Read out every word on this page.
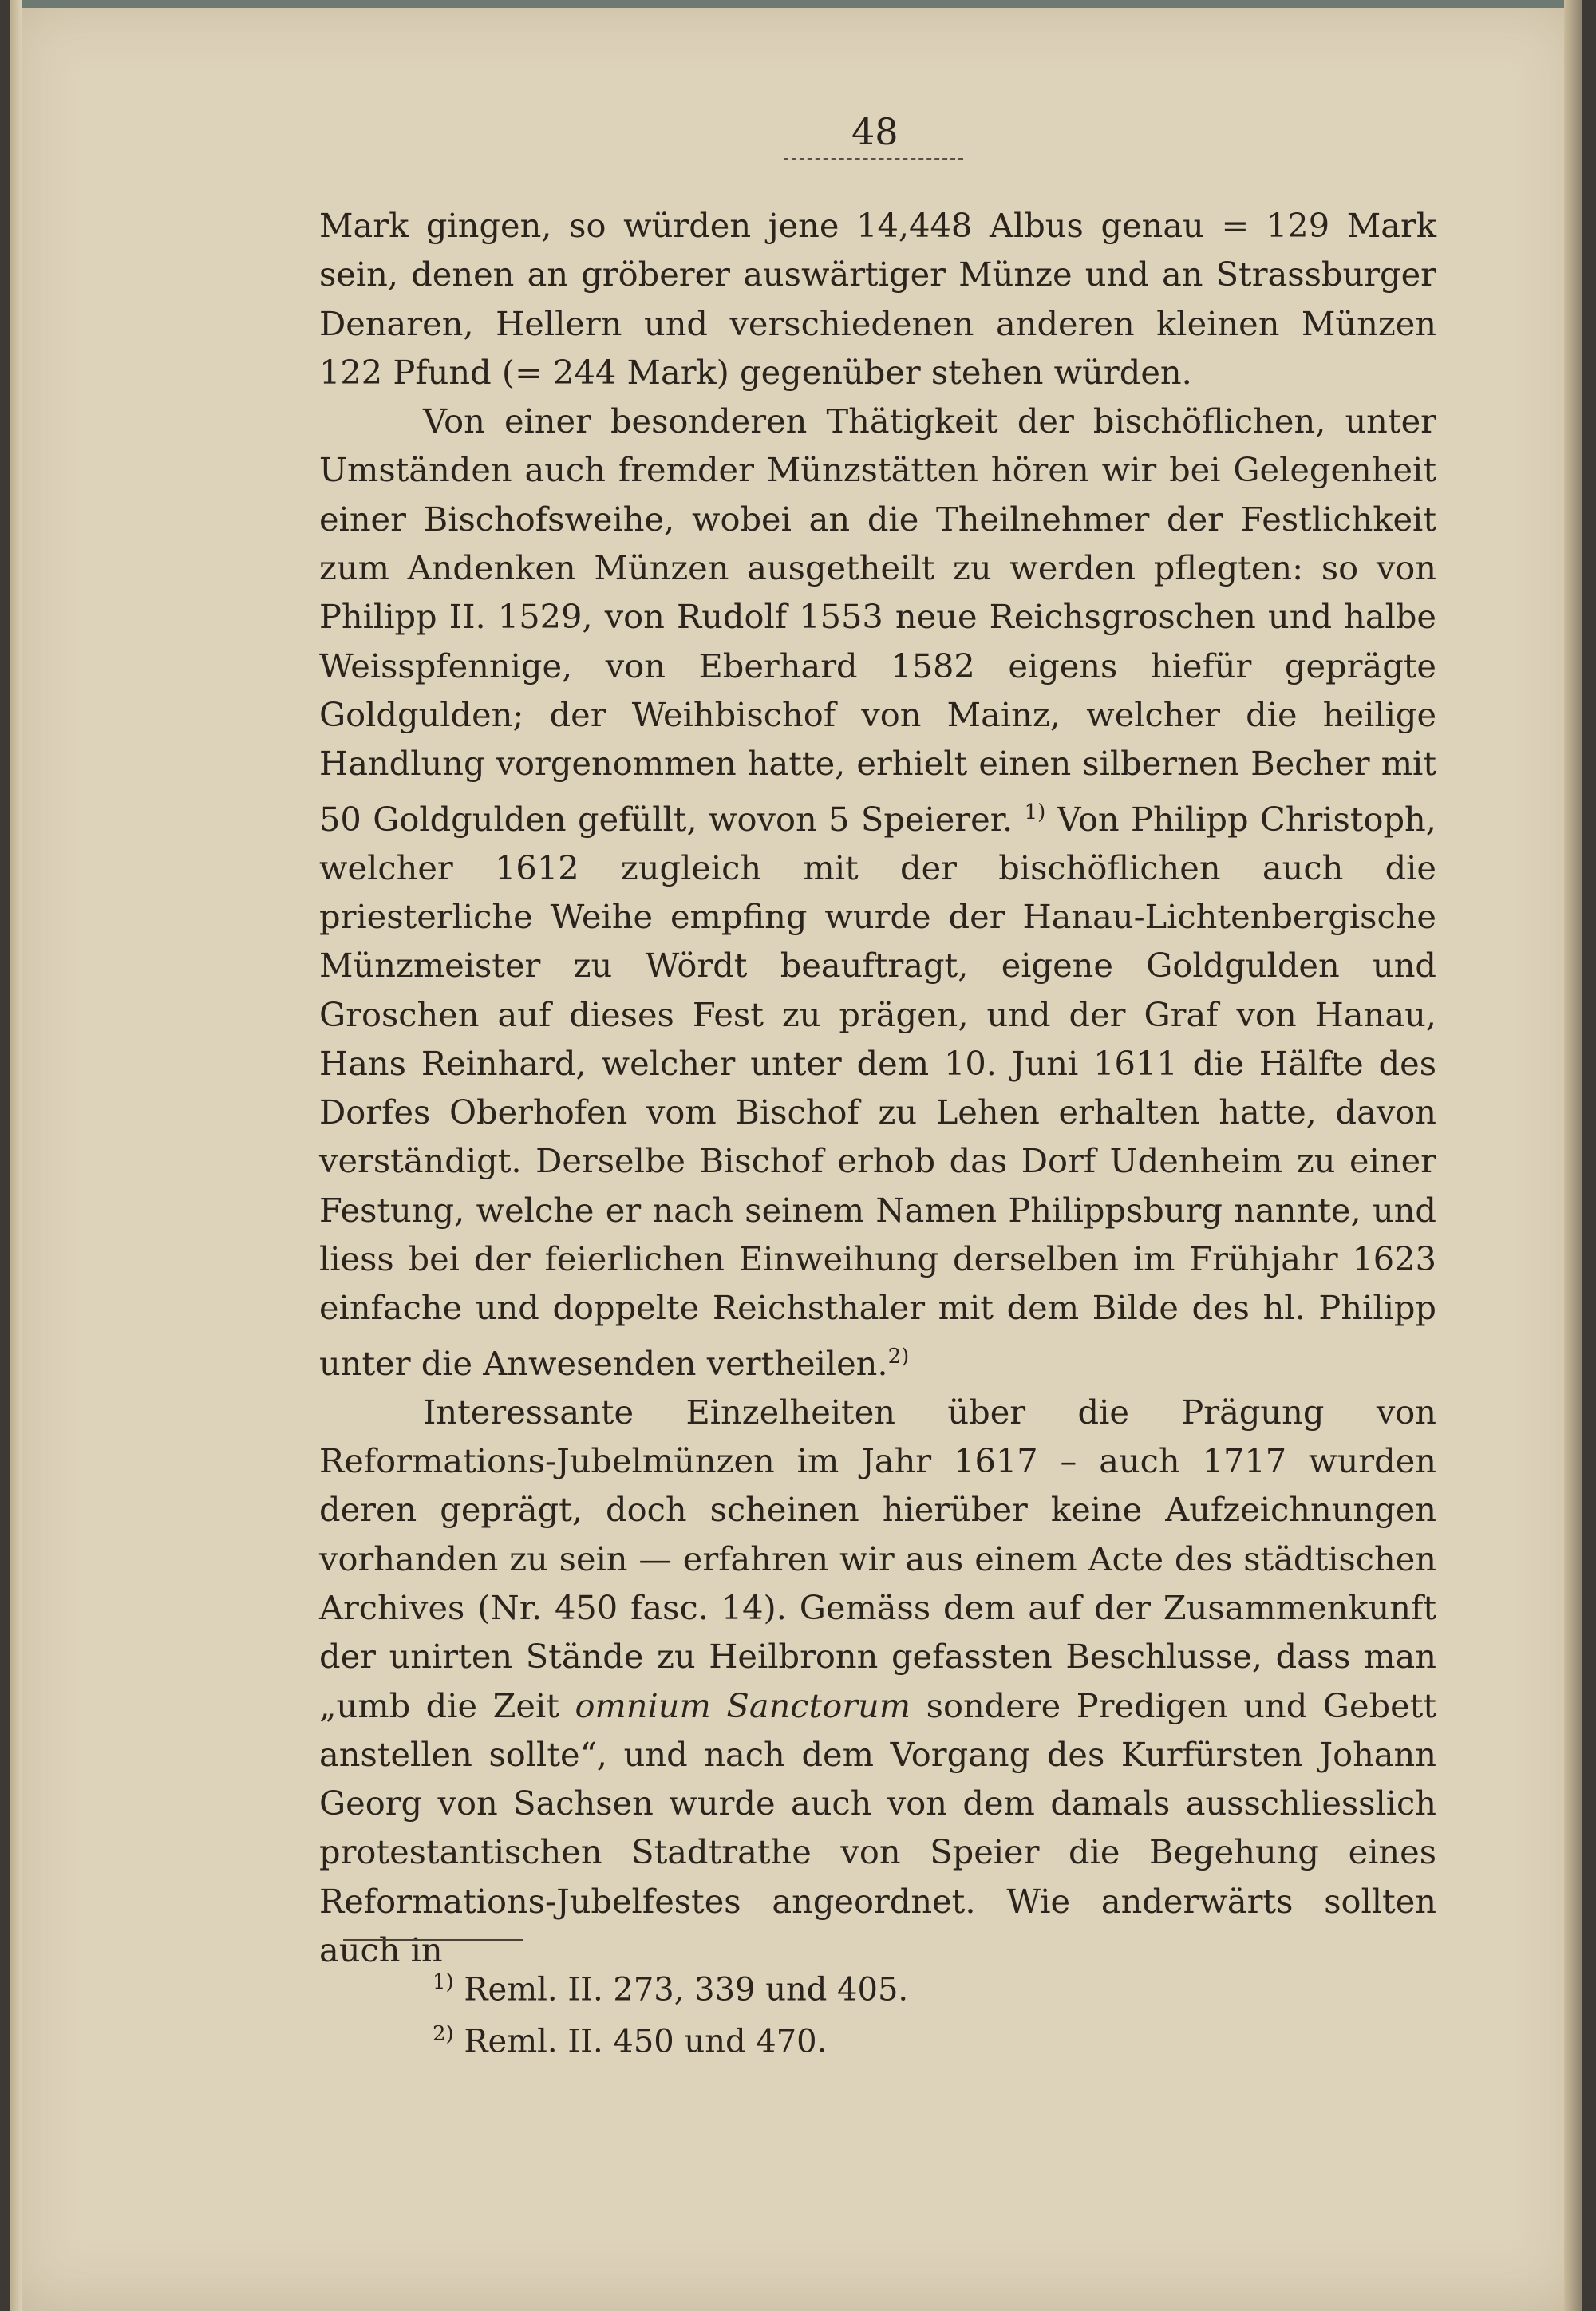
48

Mark gingen, so würden jene 14,448 Albus genau = 129 Mark sein, denen an gröberer auswärtiger Münze und an Strassburger Denaren, Hellern und verschiedenen anderen kleinen Münzen 122 Pfund (= 244 Mark) gegenüber stehen würden.

Von einer besonderen Thätigkeit der bischöflichen, unter Umständen auch fremder Münzstätten hören wir bei Gelegenheit einer Bischofsweihe, wobei an die Theilnehmer der Festlichkeit zum Andenken Münzen ausgetheilt zu werden pflegten: so von Philipp II. 1529, von Rudolf 1553 neue Reichsgroschen und halbe Weisspfennige, von Eberhard 1582 eigens hiefür geprägte Goldgulden; der Weihbischof von Mainz, welcher die heilige Handlung vorgenommen hatte, erhielt einen silbernen Becher mit 50 Goldgulden gefüllt, wovon 5 Speierer. $^{1)}$ Von Philipp Christoph, welcher 1612 zugleich mit der bischöflichen auch die priesterliche Weihe empfing wurde der Hanau-Lichtenbergische Münzmeister zu Wördt beauftragt, eigene Goldgulden und Groschen auf dieses Fest zu prägen, und der Graf von Hanau, Hans Reinhard, welcher unter dem 10. Juni 1611 die Hälfte des Dorfes Oberhofen vom Bischof zu Lehen erhalten hatte, davon verständigt. Derselbe Bischof erhob das Dorf Udenheim zu einer Festung, welche er nach seinem Namen Philippsburg nannte, und liess bei der feierlichen Einweihung derselben im Frühjahr 1623 einfache und doppelte Reichsthaler mit dem Bilde des hl. Philipp unter die Anwesenden vertheilen.$^{2)}$

Interessante Einzelheiten über die Prägung von Reformations-Jubelmünzen im Jahr 1617 – auch 1717 wurden deren geprägt, doch scheinen hierüber keine Aufzeichnungen vorhanden zu sein — erfahren wir aus einem Acte des städtischen Archives (Nr. 450 fasc. 14). Gemäss dem auf der Zusammenkunft der unirten Stände zu Heilbronn gefassten Beschlusse, dass man „umb die Zeit omnium Sanctorum sondere Predigen und Gebett anstellen sollte“, und nach dem Vorgang des Kurfürsten Johann Georg von Sachsen wurde auch von dem damals ausschliesslich protestantischen Stadtrathe von Speier die Begehung eines Reformations-Jubelfestes angeordnet. Wie anderwärts sollten auch in

$^{1)}$ Reml. II. 273, 339 und 405.

$^{2)}$ Reml. II. 450 und 470.
